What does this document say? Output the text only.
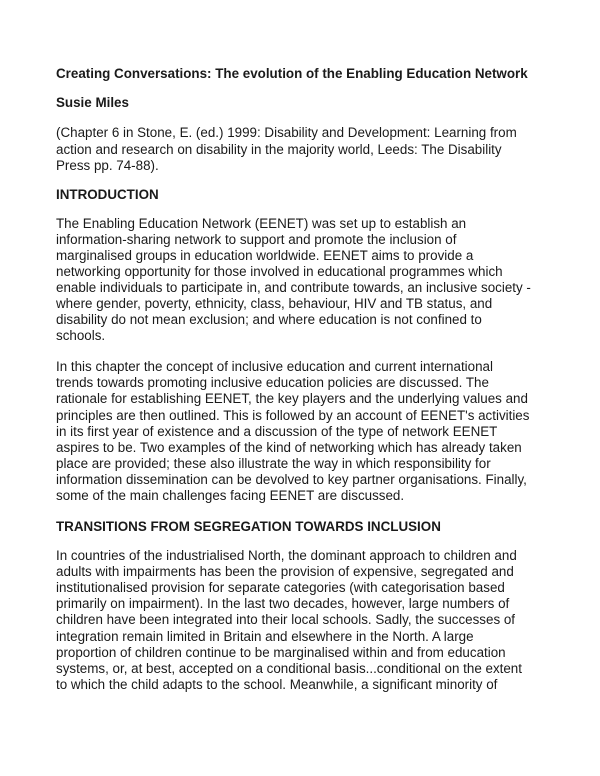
Creating Conversations: The evolution of the Enabling Education Network
Susie Miles
(Chapter 6 in Stone, E. (ed.) 1999: Disability and Development: Learning from
action and research on disability in the majority world, Leeds: The Disability
Press pp. 74-88).
INTRODUCTION
The Enabling Education Network (EENET) was set up to establish an
information-sharing network to support and promote the inclusion of
marginalised groups in education worldwide. EENET aims to provide a
networking opportunity for those involved in educational programmes which
enable individuals to participate in, and contribute towards, an inclusive society -
where gender, poverty, ethnicity, class, behaviour, HIV and TB status, and
disability do not mean exclusion; and where education is not confined to
schools.
In this chapter the concept of inclusive education and current international
trends towards promoting inclusive education policies are discussed. The
rationale for establishing EENET, the key players and the underlying values and
principles are then outlined. This is followed by an account of EENET's activities
in its first year of existence and a discussion of the type of network EENET
aspires to be. Two examples of the kind of networking which has already taken
place are provided; these also illustrate the way in which responsibility for
information dissemination can be devolved to key partner organisations. Finally,
some of the main challenges facing EENET are discussed.
TRANSITIONS FROM SEGREGATION TOWARDS INCLUSION
In countries of the industrialised North, the dominant approach to children and
adults with impairments has been the provision of expensive, segregated and
institutionalised provision for separate categories (with categorisation based
primarily on impairment). In the last two decades, however, large numbers of
children have been integrated into their local schools. Sadly, the successes of
integration remain limited in Britain and elsewhere in the North. A large
proportion of children continue to be marginalised within and from education
systems, or, at best, accepted on a conditional basis...conditional on the extent
to which the child adapts to the school. Meanwhile, a significant minority of
